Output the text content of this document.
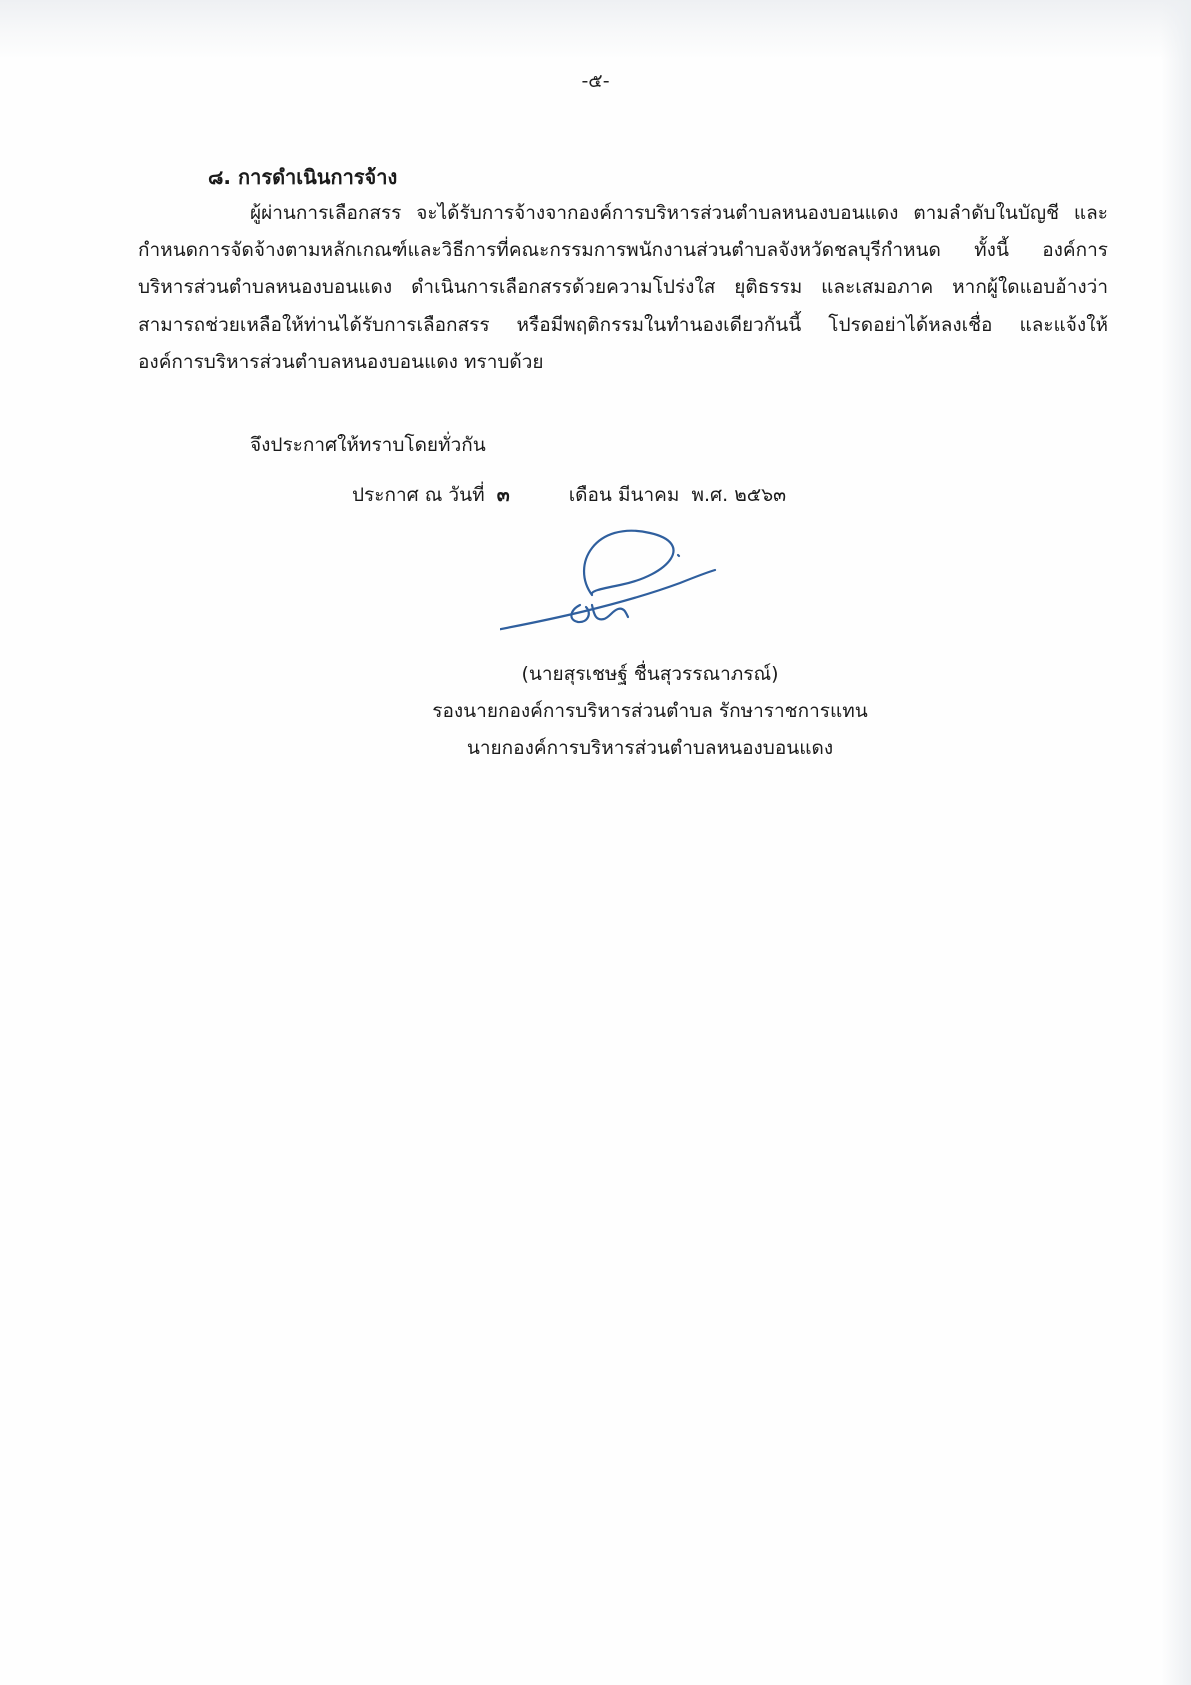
-๕-
๘. การดำเนินการจ้าง

ผู้ผ่านการเลือกสรร จะได้รับการจ้างจากองค์การบริหารส่วนตำบลหนองบอนแดง ตามลำดับในบัญชี และกำหนดการจัดจ้างตามหลักเกณฑ์และวิธีการที่คณะกรรมการพนักงานส่วนตำบลจังหวัดชลบุรีกำหนด ทั้งนี้ องค์การบริหารส่วนตำบลหนองบอนแดง ดำเนินการเลือกสรรด้วยความโปร่งใส ยุติธรรม และเสมอภาค หากผู้ใดแอบอ้างว่าสามารถช่วยเหลือให้ท่านได้รับการเลือกสรร หรือมีพฤติกรรมในทำนองเดียวกันนี้ โปรดอย่าได้หลงเชื่อ และแจ้งให้องค์การบริหารส่วนตำบลหนองบอนแดง ทราบด้วย

จึงประกาศให้ทราบโดยทั่วกัน
ประกาศ ณ วันที่ ๓	เดือน มีนาคม พ.ศ. ๒๕๖๓
(นายสุรเชษฐ์ ชื่นสุวรรณาภรณ์)
รองนายกองค์การบริหารส่วนตำบล รักษาราชการแทน
นายกองค์การบริหารส่วนตำบลหนองบอนแดง
